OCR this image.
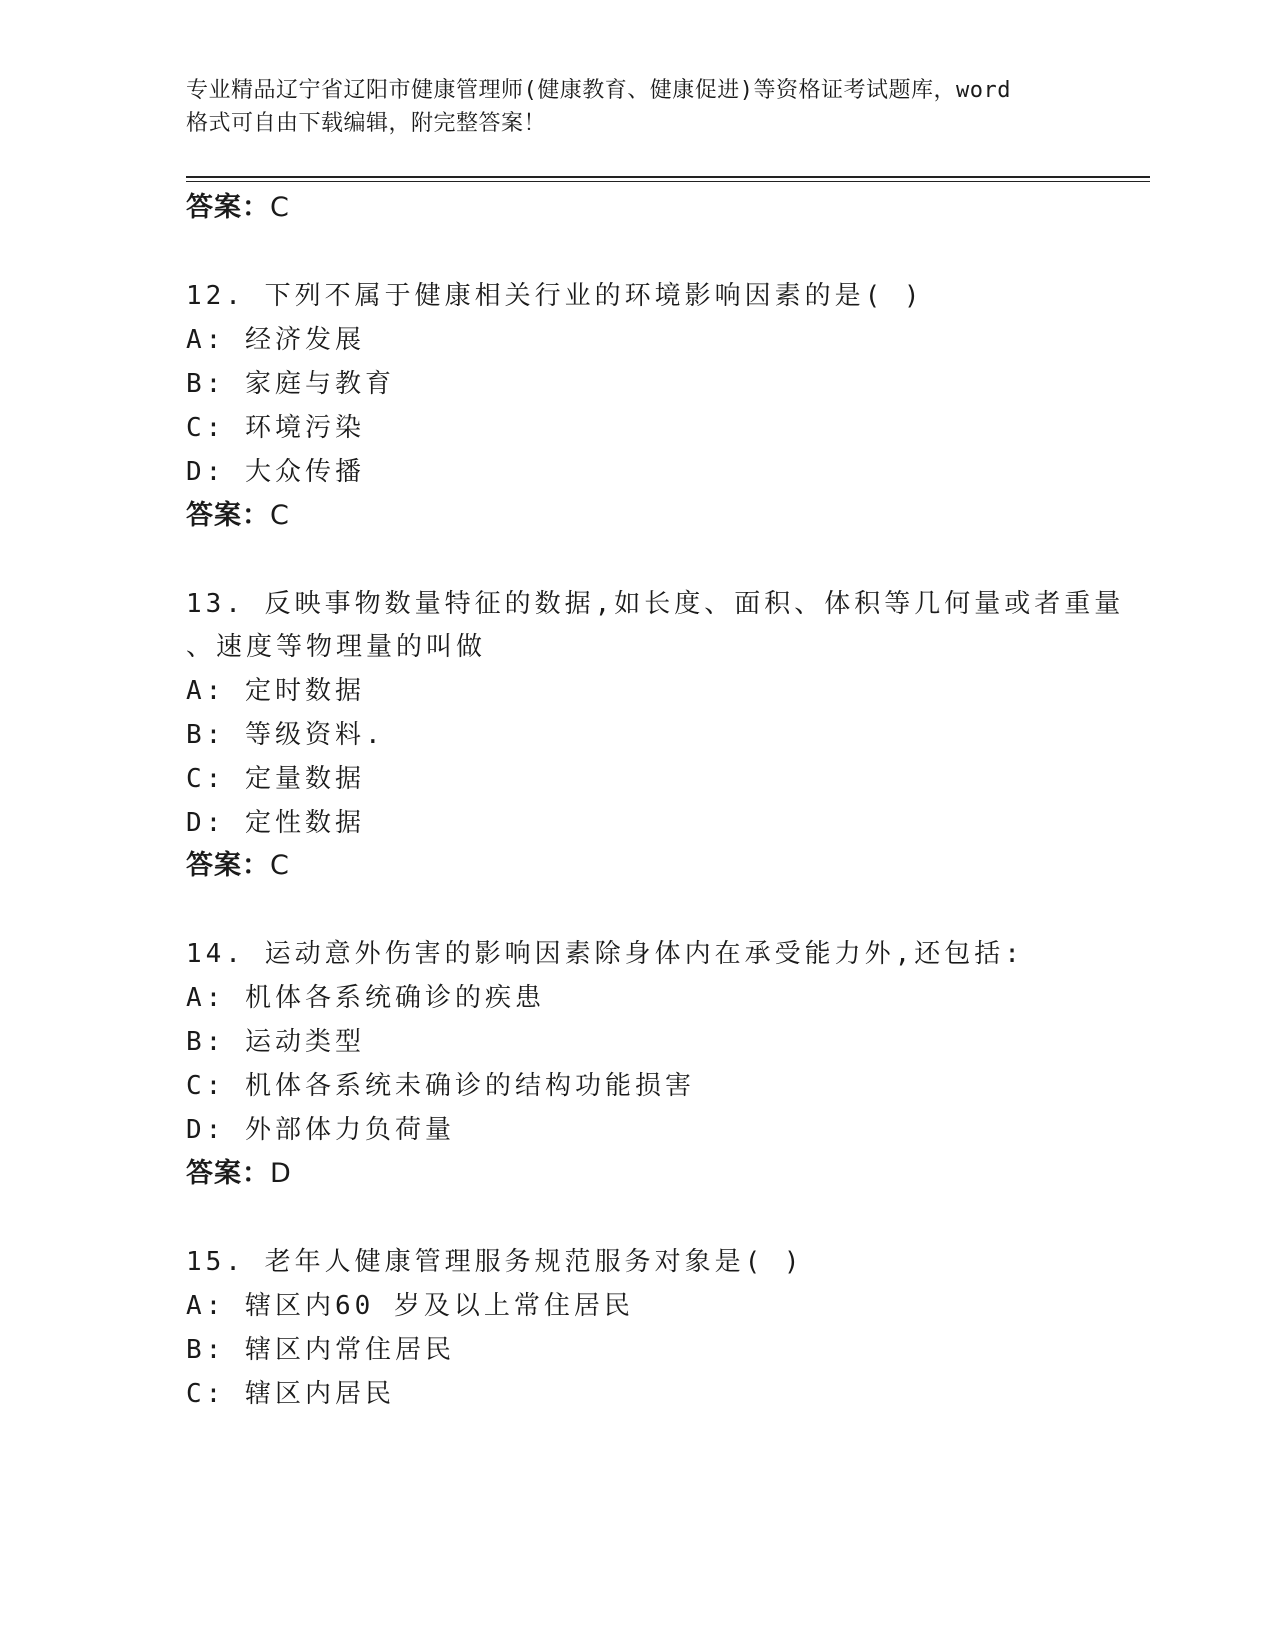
专业精品辽宁省辽阳市健康管理师(健康教育、健康促进)等资格证考试题库，word
格式可自由下载编辑，附完整答案！
答案：C
12. 下列不属于健康相关行业的环境影响因素的是( )
A: 经济发展
B: 家庭与教育
C: 环境污染
D: 大众传播
答案：C
13. 反映事物数量特征的数据,如长度、面积、体积等几何量或者重量
、速度等物理量的叫做
A: 定时数据
B: 等级资料.
C: 定量数据
D: 定性数据
答案：C
14. 运动意外伤害的影响因素除身体内在承受能力外,还包括:
A: 机体各系统确诊的疾患
B: 运动类型
C: 机体各系统未确诊的结构功能损害
D: 外部体力负荷量
答案：D
15. 老年人健康管理服务规范服务对象是( )
A: 辖区内60 岁及以上常住居民
B: 辖区内常住居民
C: 辖区内居民
